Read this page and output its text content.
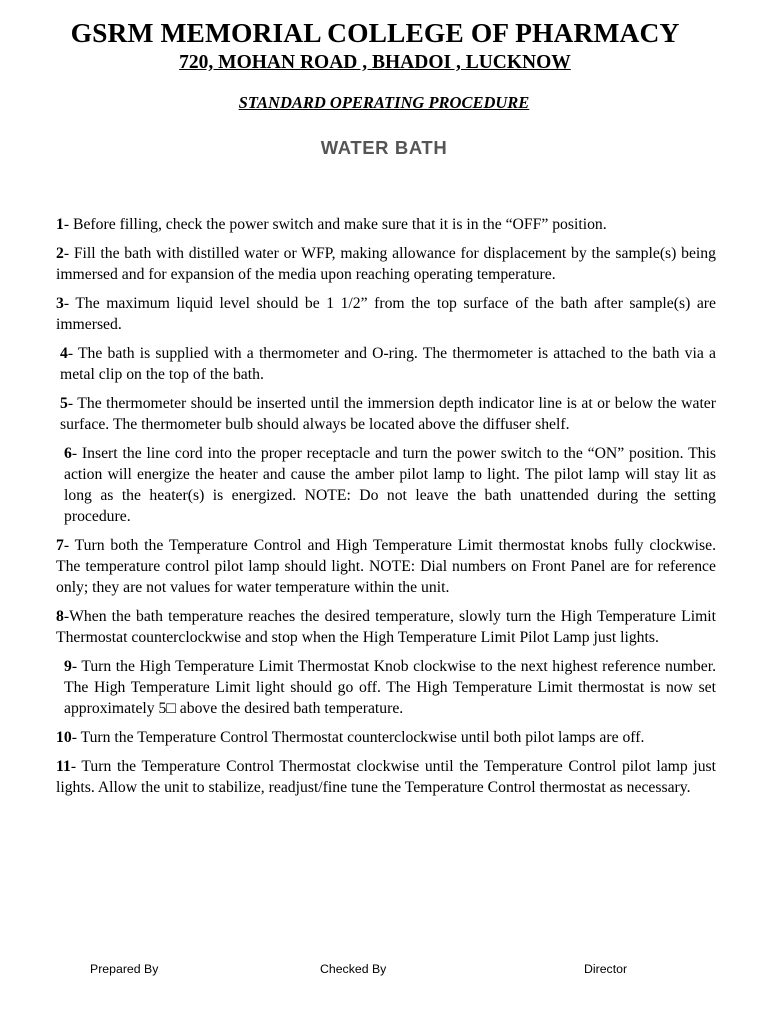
GSRM MEMORIAL COLLEGE OF PHARMACY
720, MOHAN ROAD , BHADOI , LUCKNOW
STANDARD OPERATING PROCEDURE
WATER BATH
1- Before filling, check the power switch and make sure that it is in the “OFF” position.
2- Fill the bath with distilled water or WFP, making allowance for displacement by the sample(s) being immersed and for expansion of the media upon reaching operating temperature.
3- The maximum liquid level should be 1 1/2” from the top surface of the bath after sample(s) are immersed.
4- The bath is supplied with a thermometer and O-ring. The thermometer is attached to the bath via a metal clip on the top of the bath.
5- The thermometer should be inserted until the immersion depth indicator line is at or below the water surface. The thermometer bulb should always be located above the diffuser shelf.
6- Insert the line cord into the proper receptacle and turn the power switch to the “ON” position. This action will energize the heater and cause the amber pilot lamp to light. The pilot lamp will stay lit as long as the heater(s) is energized. NOTE: Do not leave the bath unattended during the setting procedure.
7- Turn both the Temperature Control and High Temperature Limit thermostat knobs fully clockwise. The temperature control pilot lamp should light. NOTE: Dial numbers on Front Panel are for reference only; they are not values for water temperature within the unit.
8-When the bath temperature reaches the desired temperature, slowly turn the High Temperature Limit Thermostat counterclockwise and stop when the High Temperature Limit Pilot Lamp just lights.
9- Turn the High Temperature Limit Thermostat Knob clockwise to the next highest reference number. The High Temperature Limit light should go off. The High Temperature Limit thermostat is now set approximately 5□ above the desired bath temperature.
10- Turn the Temperature Control Thermostat counterclockwise until both pilot lamps are off.
11- Turn the Temperature Control Thermostat clockwise until the Temperature Control pilot lamp just lights. Allow the unit to stabilize, readjust/fine tune the Temperature Control thermostat as necessary.
Prepared By	Checked By	Director
